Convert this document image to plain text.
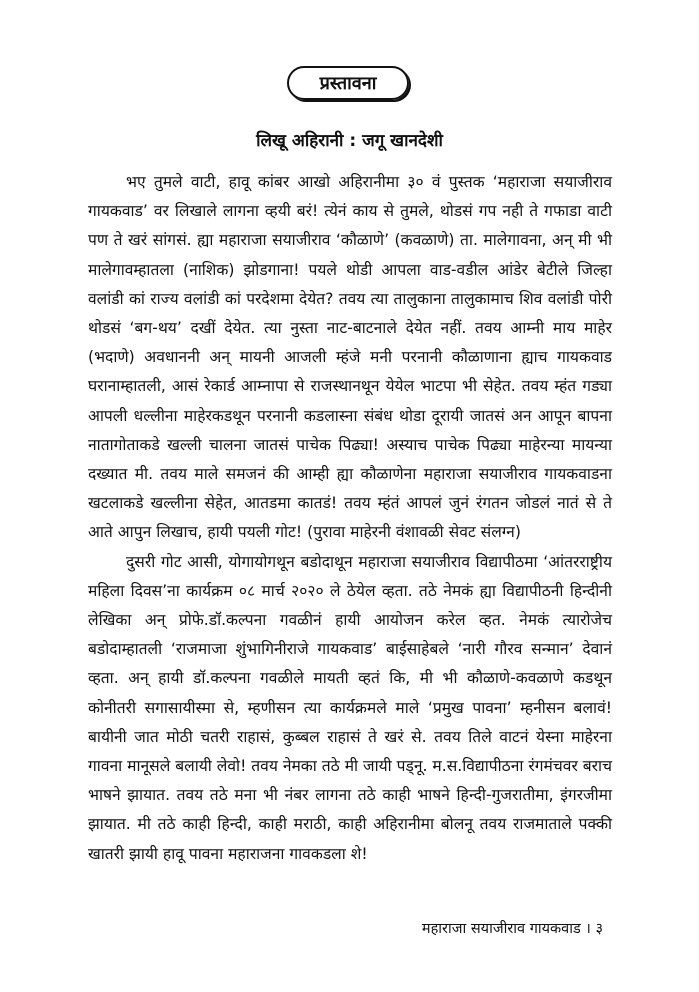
प्रस्तावना
लिखू अहिरानी : जगू खानदेशी

भए तुमले वाटी, हावू कांबर आखो अहिरानीमा ३० वं पुस्तक ‘महाराजा सयाजीराव गायकवाड’ वर लिखाले लागना व्हयी बरं! त्येनं काय से तुमले, थोडसं गप नही ते गफाडा वाटी पण ते खरं सांगसं. ह्या महाराजा सयाजीराव ‘कौळाणे’ (कवळाणे) ता. मालेगावना, अन् मी भी मालेगावम्हातला (नाशिक) झोडगाना! पयले थोडी आपला वाड-वडील आंडेर बेटीले जिल्हा वलांडी कां राज्य वलांडी कां परदेशमा देयेत? तवय त्या तालुकाना तालुकामाच शिव वलांडी पोरी थोडसं ‘बग-थय’ दखीं देयेत. त्या नुस्ता नाट-बाटनाले देयेत नहीं. तवय आम्नी माय माहेर (भदाणे) अवधाननी अन् मायनी आजली म्हंजे मनी परनानी कौळाणाना ह्याच गायकवाड घरानाम्हातली, आसं रेकार्ड आम्नापा से राजस्थानथून येयेल भाटपा भी सेहेत. तवय म्हंत गड्या आपली धल्लीना माहेरकडथून परनानी कडलास्ना संबंध थोडा दूरायी जातसं अन आपून बापना नातागोताकडे खल्ली चालना जातसं पाचेक पिढ्या! अस्याच पाचेक पिढ्या माहेरन्या मायन्या दख्यात मी. तवय माले समजनं की आम्ही ह्या कौळाणेना महाराजा सयाजीराव गायकवाडना खटलाकडे खल्लीना सेहेत, आतडमा कातडं! तवय म्हंतं आपलं जुनं रंगतन जोडलं नातं से ते आते आपुन लिखाच, हायी पयली गोट! (पुरावा माहेरनी वंशावळी सेवट संलग्न)

दुसरी गोट आसी, योगायोगथून बडोदाथून महाराजा सयाजीराव विद्यापीठमा ‘आंतरराष्ट्रीय महिला दिवस’ना कार्यक्रम ०८ मार्च २०२० ले ठेयेल व्हता. तठे नेमकं ह्या विद्यापीठनी हिन्दीनी लेखिका अन् प्रोफे.डॉ.कल्पना गवळीनं हायी आयोजन करेल व्हत. नेमकं त्यारोजेच बडोदाम्हातली ‘राजमाजा शुंभागिनीराजे गायकवाड’ बाईसाहेबले ‘नारी गौरव सन्मान’ देवानं व्हता. अन् हायी डॉ.कल्पना गवळीले मायती व्हतं कि, मी भी कौळाणे-कवळाणे कडथून कोनीतरी सगासायीस्मा से, म्हणीसन त्या कार्यक्रमले माले ‘प्रमुख पावना’ म्हनीसन बलावं! बायीनी जात मोठी चतरी राहासं, कुब्बल राहासं ते खरं से. तवय तिले वाटनं येस्ना माहेरना गावना मानूसले बलायी लेवो! तवय नेमका तठे मी जायी पड्नू. म.स.विद्यापीठना रंगमंचवर बराच भाषने झायात. तवय तठे मना भी नंबर लागना तठे काही भाषने हिन्दी-गुजरातीमा, इंगरजीमा झायात. मी तठे काही हिन्दी, काही मराठी, काही अहिरानीमा बोलनू तवय राजमाताले पक्की खातरी झायी हावू पावना महाराजना गावकडला शे!

महाराजा सयाजीराव गायकवाड । ३
